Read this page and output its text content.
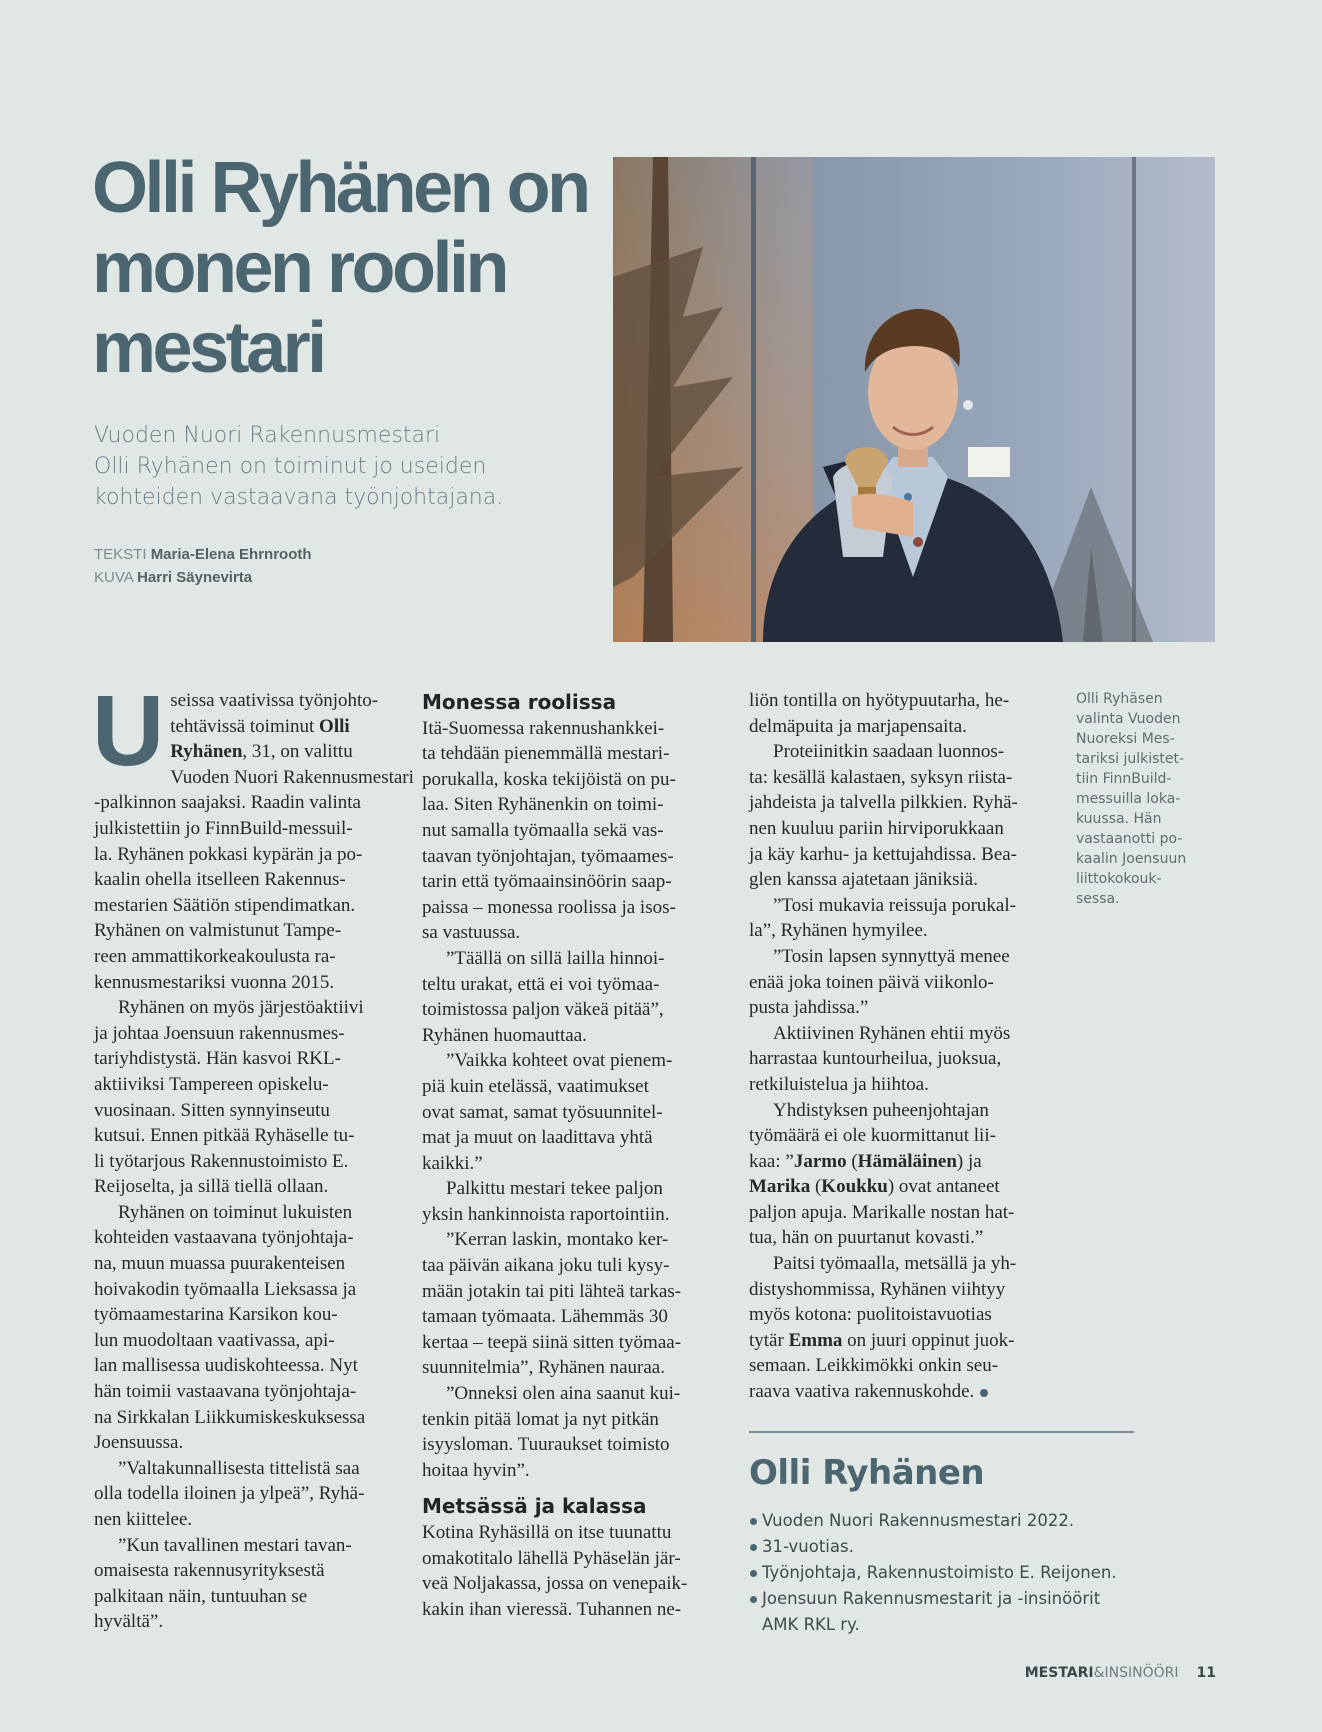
Olli Ryhänen on
monen roolin
mestari

Vuoden Nuori Rakennusmestari
Olli Ryhänen on toiminut jo useiden
kohteiden vastaavana työnjohtajana.

TEKSTI Maria-Elena Ehrnrooth
KUVA Harri Säynevirta
U seissa vaativissa työnjohto-
tehtävissä toiminut Olli
Ryhänen, 31, on valittu
Vuoden Nuori Rakennusmestari
-palkinnon saajaksi. Raadin valinta
julkistettiin jo FinnBuild-messuil-
la. Ryhänen pokkasi kypärän ja po-
kaalin ohella itselleen Rakennus-
mestarien Säätiön stipendimatkan.
Ryhänen on valmistunut Tampe-
reen ammattikorkeakoulusta ra-
kennusmestariksi vuonna 2015.
Ryhänen on myös järjestöaktiivi
ja johtaa Joensuun rakennusmes-
tariyhdistystä. Hän kasvoi RKL-
aktiiviksi Tampereen opiskelu-
vuosinaan. Sitten synnyinseutu
kutsui. Ennen pitkää Ryhäselle tu-
li työtarjous Rakennustoimisto E.
Reijoselta, ja sillä tiellä ollaan.
Ryhänen on toiminut lukuisten
kohteiden vastaavana työnjohtaja-
na, muun muassa puurakenteisen
hoivakodin työmaalla Lieksassa ja
työmaamestarina Karsikon kou-
lun muodoltaan vaativassa, api-
lan mallisessa uudiskohteessa. Nyt
hän toimii vastaavana työnjohtaja-
na Sirkkalan Liikkumiskeskuksessa
Joensuussa.
”Valtakunnallisesta tittelistä saa
olla todella iloinen ja ylpeä”, Ryhä-
nen kiittelee.
”Kun tavallinen mestari tavan-
omaisesta rakennusyrityksestä
palkitaan näin, tuntuuhan se
hyvältä”.
Monessa roolissa
Itä-Suomessa rakennushankkei-
ta tehdään pienemmällä mestari-
porukalla, koska tekijöistä on pu-
laa. Siten Ryhänenkin on toimi-
nut samalla työmaalla sekä vas-
taavan työnjohtajan, työmaames-
tarin että työmaainsinöörin saap-
paissa – monessa roolissa ja isos-
sa vastuussa.
”Täällä on sillä lailla hinnoi-
teltu urakat, että ei voi työmaa-
toimistossa paljon väkeä pitää”,
Ryhänen huomauttaa.
”Vaikka kohteet ovat pienem-
piä kuin etelässä, vaatimukset
ovat samat, samat työsuunnitel-
mat ja muut on laadittava yhtä
kaikki.”
Palkittu mestari tekee paljon
yksin hankinnoista raportointiin.
”Kerran laskin, montako ker-
taa päivän aikana joku tuli kysy-
mään jotakin tai piti lähteä tarkas-
tamaan työmaata. Lähemmäs 30
kertaa – teepä siinä sitten työmaa-
suunnitelmia”, Ryhänen nauraa.
”Onneksi olen aina saanut kui-
tenkin pitää lomat ja nyt pitkän
isyysloman. Tuuraukset toimisto
hoitaa hyvin”.
Metsässä ja kalassa
Kotina Ryhäsillä on itse tuunattu
omakotitalo lähellä Pyhäselän jär-
veä Noljakassa, jossa on venepaik-
kakin ihan vieressä. Tuhannen ne-
liön tontilla on hyötypuutarha, he-
delmäpuita ja marjapensaita.
Proteiinitkin saadaan luonnos-
ta: kesällä kalastaen, syksyn riista-
jahdeista ja talvella pilkkien. Ryhä-
nen kuuluu pariin hirviporukkaan
ja käy karhu- ja kettujahdissa. Bea-
glen kanssa ajatetaan jäniksiä.
”Tosi mukavia reissuja porukal-
la”, Ryhänen hymyilee.
”Tosin lapsen synnyttyä menee
enää joka toinen päivä viikonlo-
pusta jahdissa.”
Aktiivinen Ryhänen ehtii myös
harrastaa kuntourheilua, juoksua,
retkiluistelua ja hiihtoa.
Yhdistyksen puheenjohtajan
työmäärä ei ole kuormittanut lii-
kaa: ”Jarmo (Hämäläinen) ja
Marika (Koukku) ovat antaneet
paljon apuja. Marikalle nostan hat-
tua, hän on puurtanut kovasti.”
Paitsi työmaalla, metsällä ja yh-
distyshommissa, Ryhänen viihtyy
myös kotona: puolitoistavuotias
tytär Emma on juuri oppinut juok-
semaan. Leikkimökki onkin seu-
raava vaativa rakennuskohde.
Olli Ryhäsen
valinta Vuoden
Nuoreksi Mes-
tariksi julkistet-
tiin FinnBuild-
messuilla loka-
kuussa. Hän
vastaanotti po-
kaalin Joensuun
liittokokouk-
sessa.
Olli Ryhänen
Vuoden Nuori Rakennusmestari 2022.
31-vuotias.
Työnjohtaja, Rakennustoimisto E. Reijonen.
Joensuun Rakennusmestarit ja -insinöörit
AMK RKL ry.
MESTARI&INSINÖÖRI 11
